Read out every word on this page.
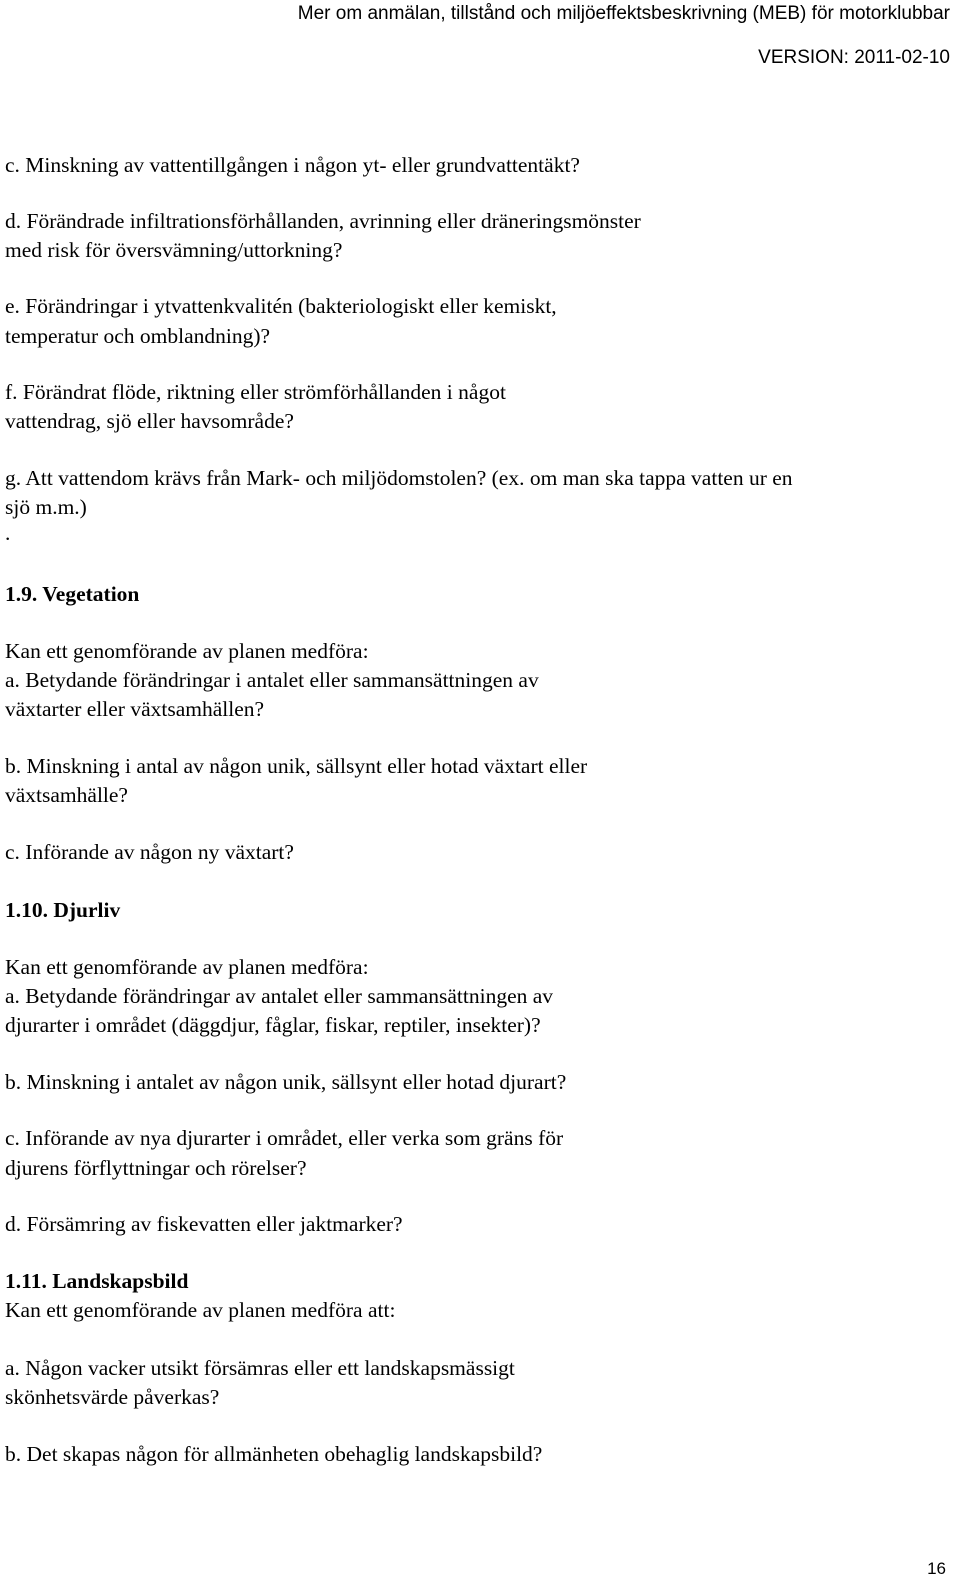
Mer om anmälan, tillstånd och miljöeffektsbeskrivning (MEB) för motorklubbar
VERSION: 2011-02-10
c. Minskning av vattentillgången i någon yt- eller grundvattentäkt?
d. Förändrade infiltrationsförhållanden, avrinning eller dräneringsmönster
med risk för översvämning/uttorkning?
e. Förändringar i ytvattenkvalitén (bakteriologiskt eller kemiskt,
temperatur och omblandning)?
f. Förändrat flöde, riktning eller strömförhållanden i något
vattendrag, sjö eller havsområde?
g. Att vattendom krävs från Mark- och miljödomstolen? (ex. om man ska tappa vatten ur en
sjö m.m.)
.
1.9. Vegetation
Kan ett genomförande av planen medföra:
a. Betydande förändringar i antalet eller sammansättningen av
växtarter eller växtsamhällen?
b. Minskning i antal av någon unik, sällsynt eller hotad växtart eller
växtsamhälle?
c. Införande av någon ny växtart?
1.10. Djurliv
Kan ett genomförande av planen medföra:
a. Betydande förändringar av antalet eller sammansättningen av
djurarter i området (däggdjur, fåglar, fiskar, reptiler, insekter)?
b. Minskning i antalet av någon unik, sällsynt eller hotad djurart?
c. Införande av nya djurarter i området, eller verka som gräns för
djurens förflyttningar och rörelser?
d. Försämring av fiskevatten eller jaktmarker?
1.11. Landskapsbild
Kan ett genomförande av planen medföra att:
a. Någon vacker utsikt försämras eller ett landskapsmässigt
skönhetsvärde påverkas?
b. Det skapas någon för allmänheten obehaglig landskapsbild?
16
